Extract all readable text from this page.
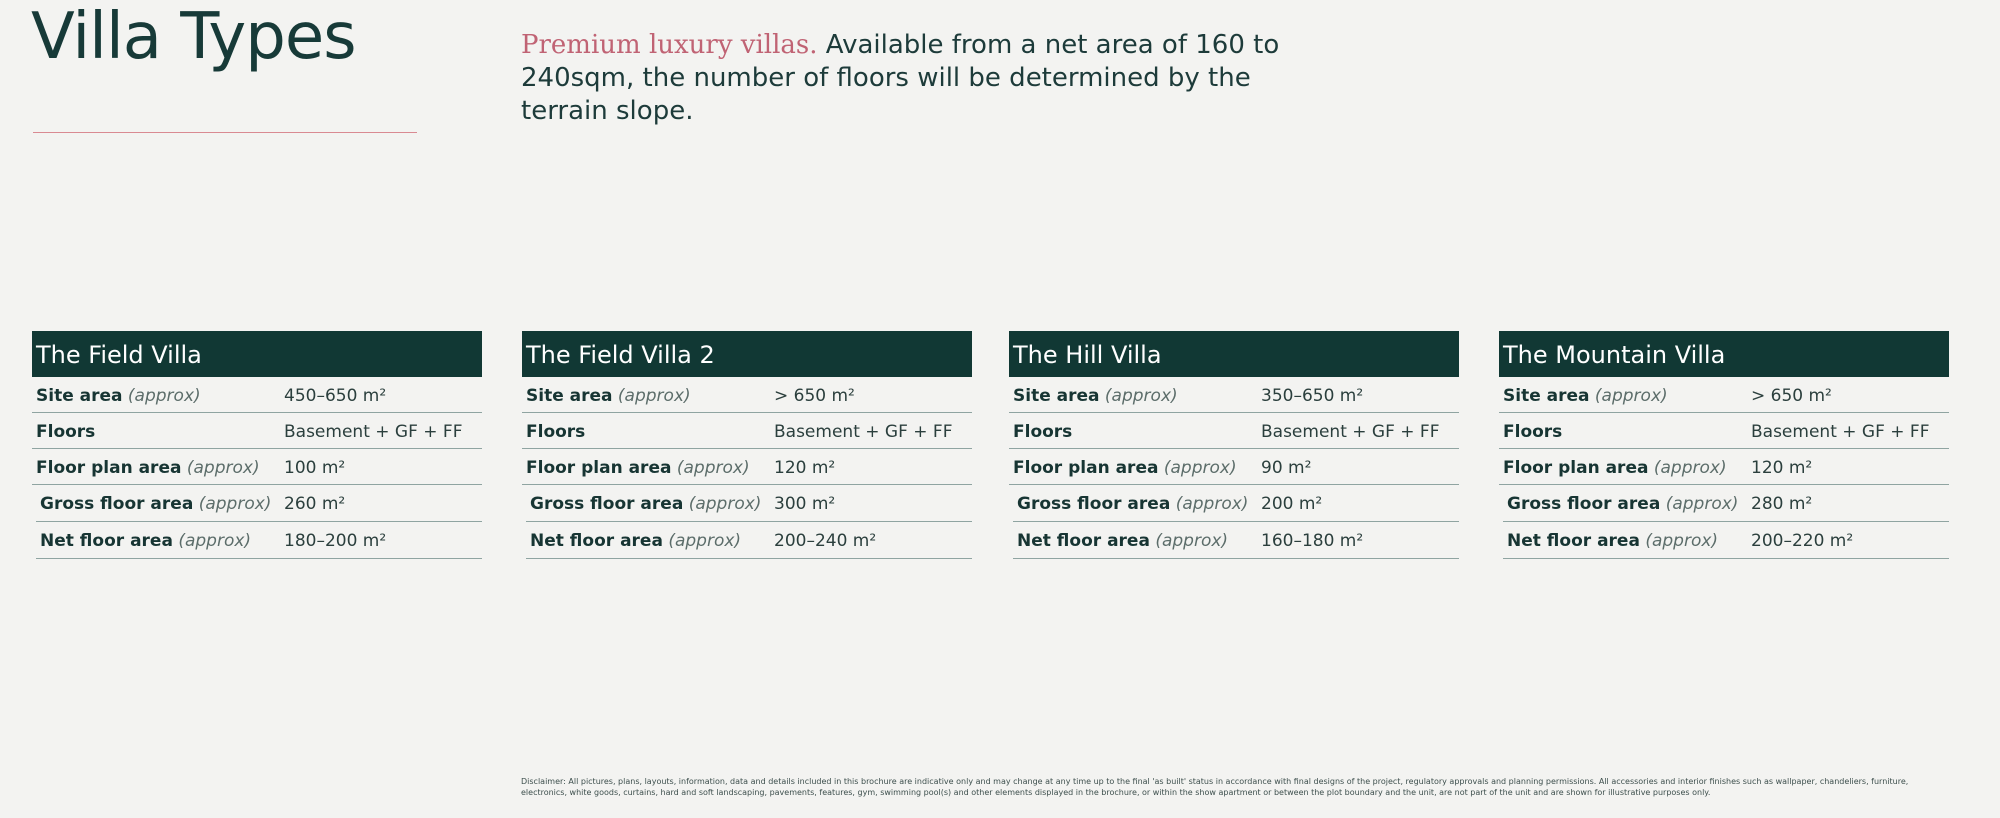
Villa Types	Premium luxury villas. Available from a net area of 160 to 240sqm, the number of floors will be determined by the terrain slope.

The Field Villa
Site area (approx)	450–650 m²
Floors	Basement + GF + FF
Floor plan area (approx) 100 m²
Gross floor area (approx) 260 m²
Net floor area (approx) 180–200 m²
The Field Villa 2
Site area (approx)	> 650 m²
Floors	Basement + GF + FF
Floor plan area (approx) 120 m²
Gross floor area (approx) 300 m²
Net floor area (approx) 200–240 m²
The Hill Villa
Site area (approx)	350–650 m²
Floors	Basement + GF + FF
Floor plan area (approx) 90 m²
Gross floor area (approx) 200 m²
Net floor area (approx) 160–180 m²
The Mountain Villa
Site area (approx)	> 650 m²
Floors	Basement + GF + FF
Floor plan area (approx) 120 m²
Gross floor area (approx) 280 m²
Net floor area (approx) 200–220 m²

Disclaimer: All pictures, plans, layouts, information, data and details included in this brochure are indicative only and may change at any time up to the final 'as built' status in accordance with final designs of the project, regulatory approvals and planning permissions. All accessories and interior finishes such as wallpaper, chandeliers, furniture, electronics, white goods, curtains, hard and soft landscaping, pavements, features, gym, swimming pool(s) and other elements displayed in the brochure, or within the show apartment or between the plot boundary and the unit, are not part of the unit and are shown for illustrative purposes only.
